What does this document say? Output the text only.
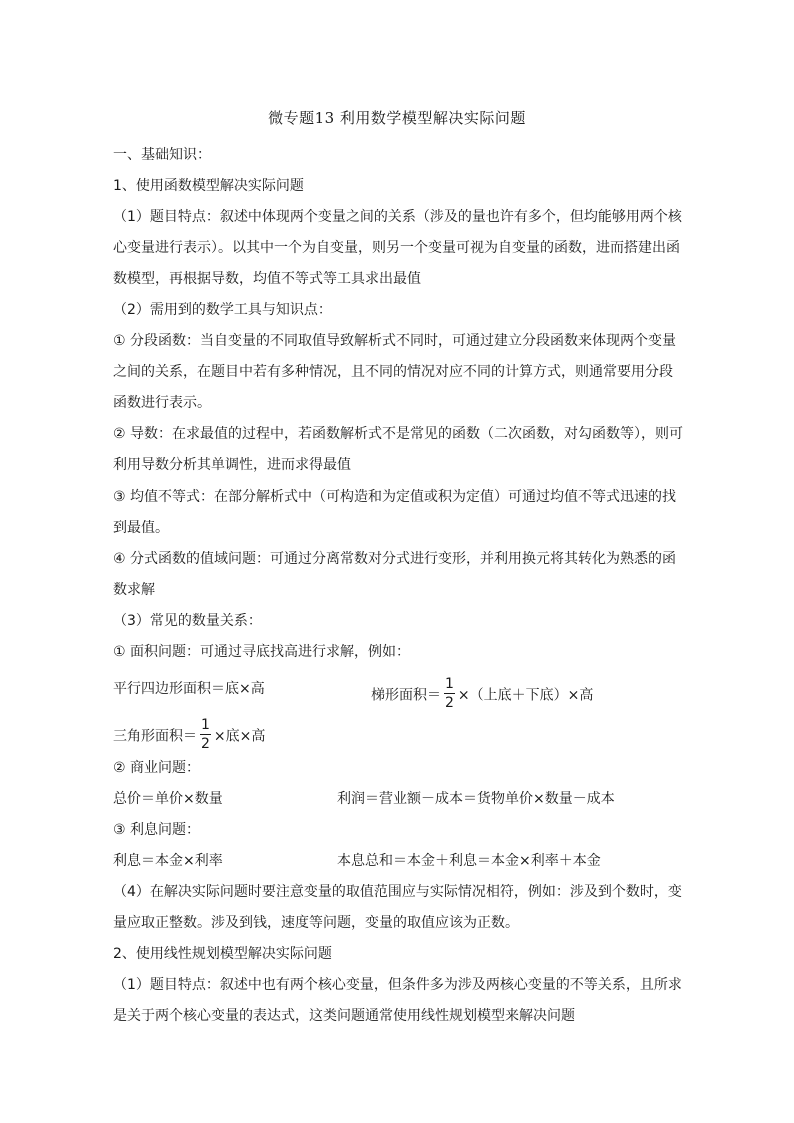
微专题13 利用数学模型解决实际问题
一、基础知识：
1、使用函数模型解决实际问题
（1）题目特点：叙述中体现两个变量之间的关系（涉及的量也许有多个，但均能够用两个核
心变量进行表示）。以其中一个为自变量，则另一个变量可视为自变量的函数，进而搭建出函
数模型，再根据导数，均值不等式等工具求出最值
（2）需用到的数学工具与知识点：
① 分段函数：当自变量的不同取值导致解析式不同时，可通过建立分段函数来体现两个变量
之间的关系，在题目中若有多种情况，且不同的情况对应不同的计算方式，则通常要用分段
函数进行表示。
② 导数：在求最值的过程中，若函数解析式不是常见的函数（二次函数，对勾函数等），则可
利用导数分析其单调性，进而求得最值
③ 均值不等式：在部分解析式中（可构造和为定值或积为定值）可通过均值不等式迅速的找
到最值。
④ 分式函数的值域问题：可通过分离常数对分式进行变形，并利用换元将其转化为熟悉的函
数求解
（3）常见的数量关系：
① 面积问题：可通过寻底找高进行求解，例如：
平行四边形面积＝底×高	梯形面积＝ $\frac{1}{2}$ ×（上底＋下底）×高
三角形面积＝ $\frac{1}{2}$ ×底×高
② 商业问题：
总价＝单价×数量	利润＝营业额－成本＝货物单价×数量－成本
③ 利息问题：
利息＝本金×利率	本息总和＝本金＋利息＝本金×利率＋本金
（4）在解决实际问题时要注意变量的取值范围应与实际情况相符，例如：涉及到个数时，变
量应取正整数。涉及到钱，速度等问题，变量的取值应该为正数。
2、使用线性规划模型解决实际问题
（1）题目特点：叙述中也有两个核心变量，但条件多为涉及两核心变量的不等关系，且所求
是关于两个核心变量的表达式，这类问题通常使用线性规划模型来解决问题
